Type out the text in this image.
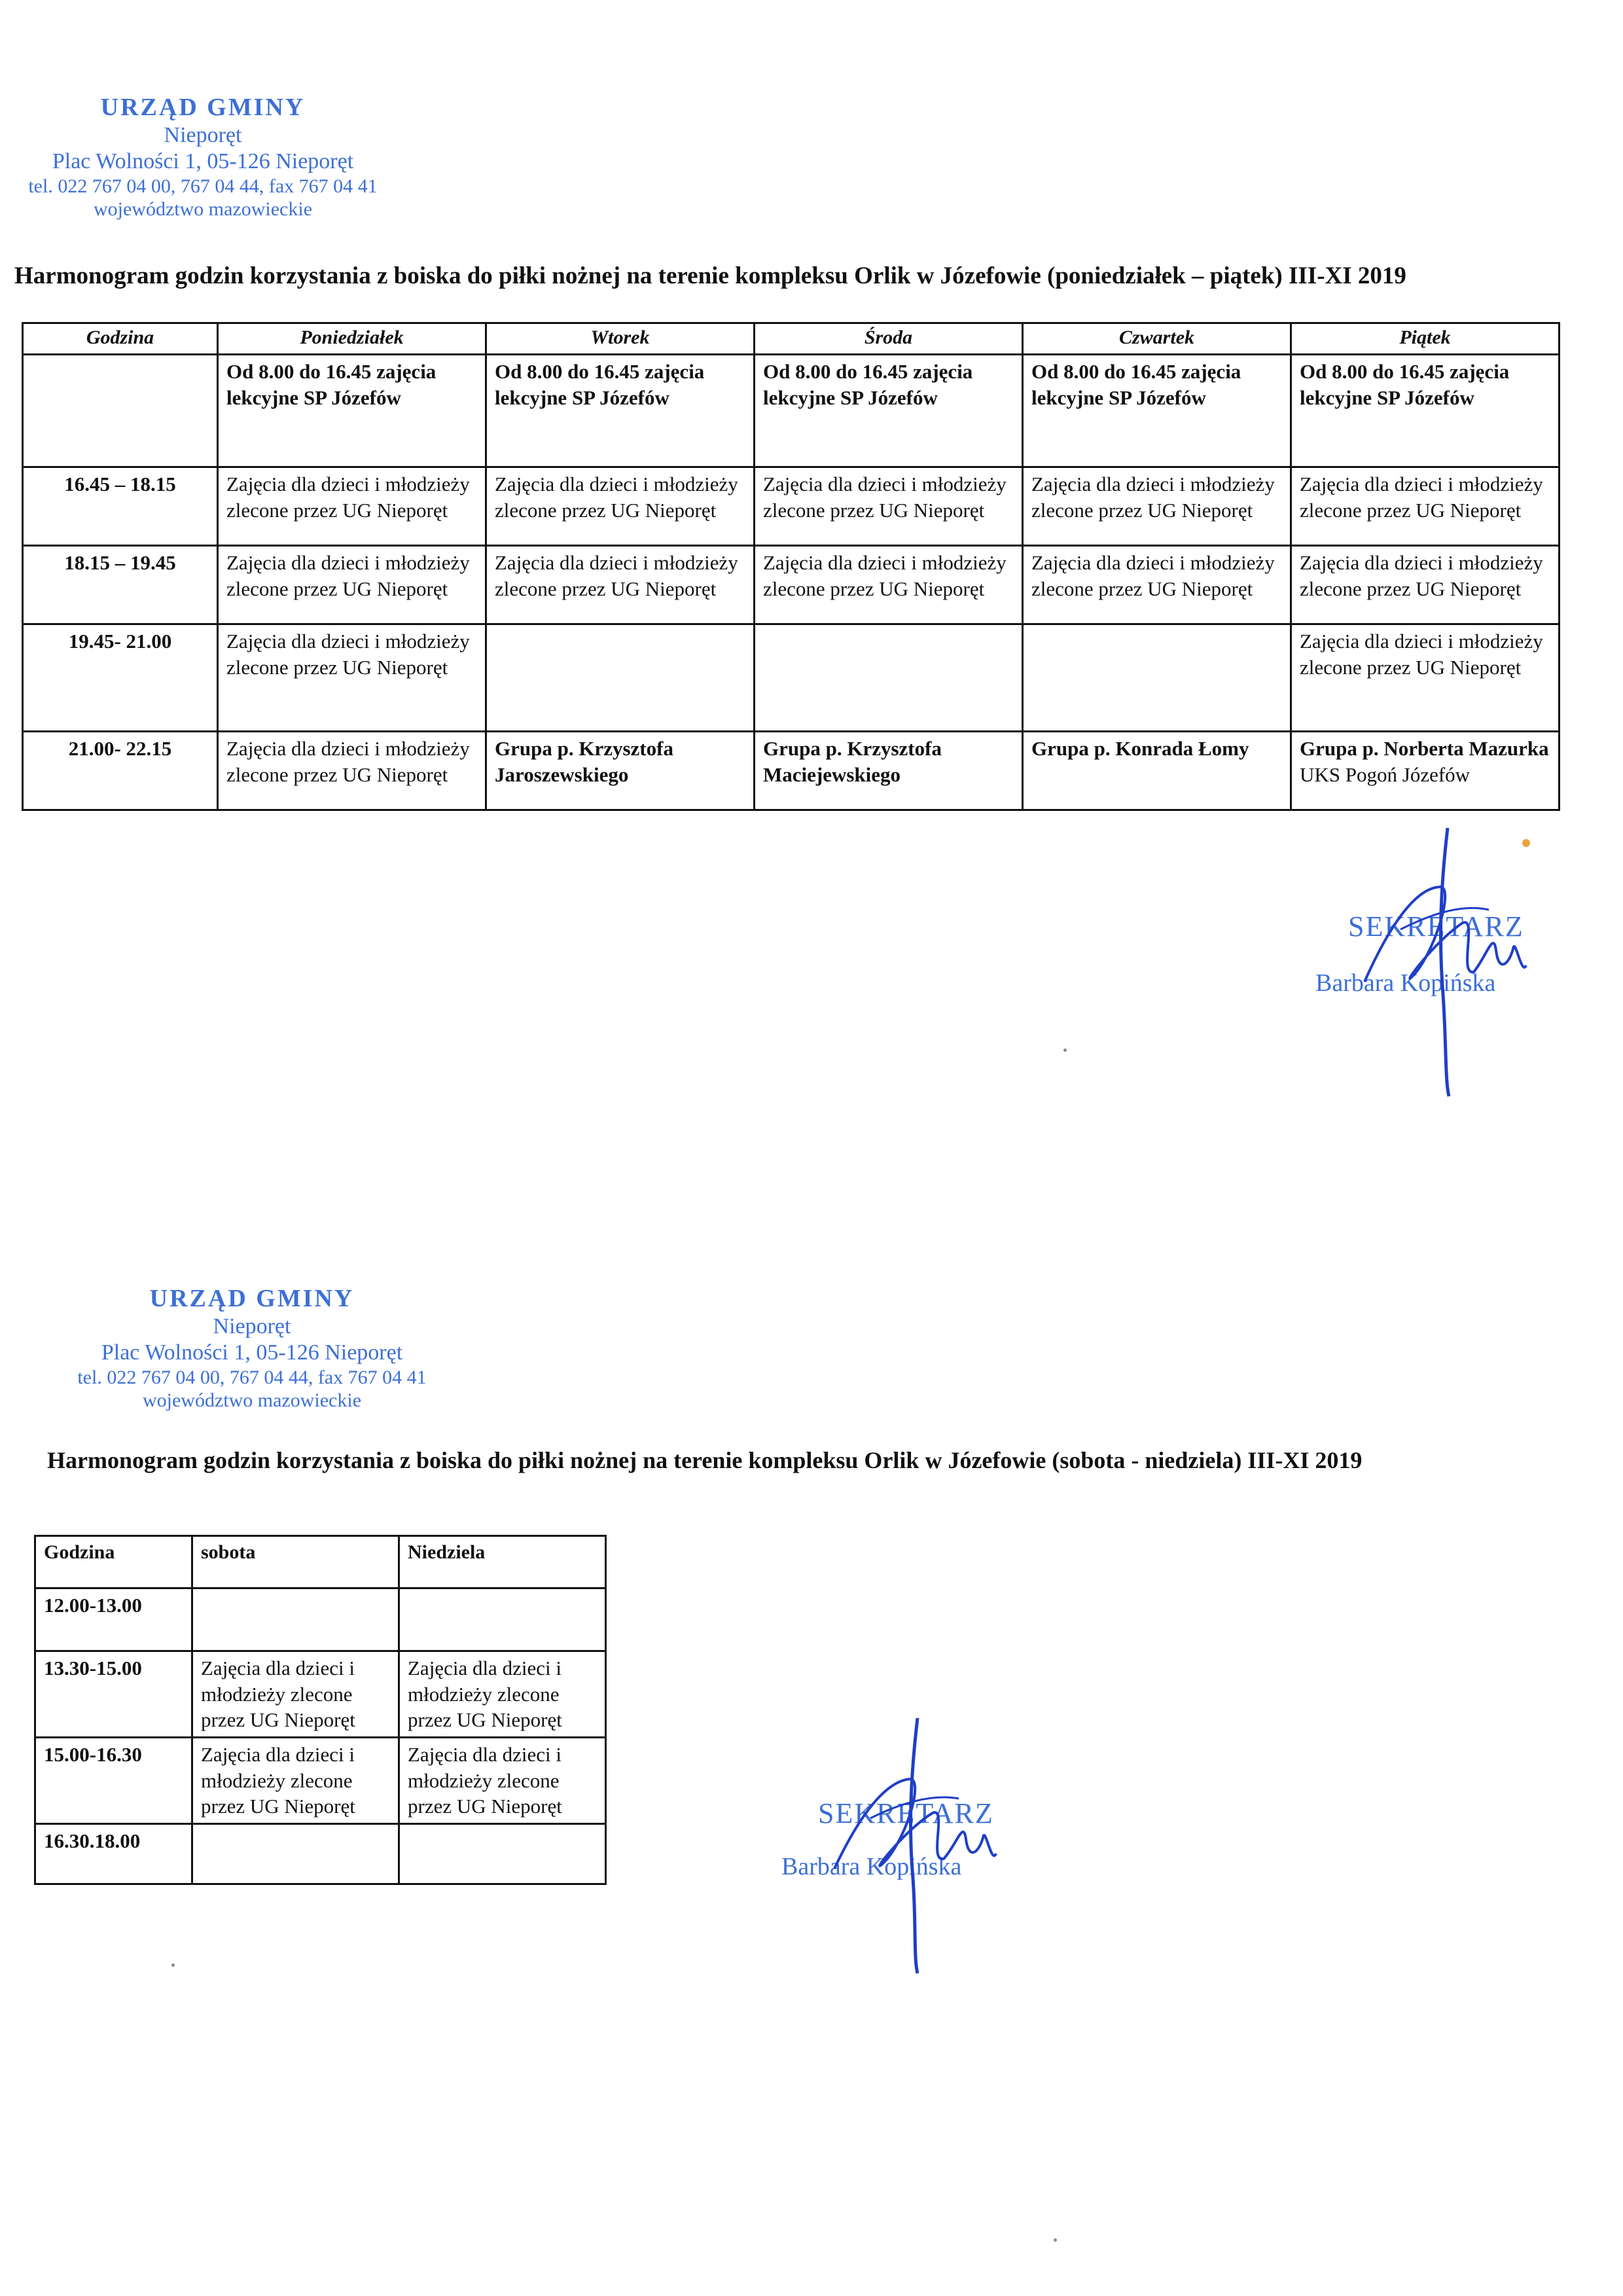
URZĄD GMINY
Nieporęt
Plac Wolności 1, 05-126 Nieporęt
tel. 022 767 04 00, 767 04 44, fax 767 04 41
województwo mazowieckie
Harmonogram godzin korzystania z boiska do piłki nożnej na terenie kompleksu Orlik w Józefowie (poniedziałek – piątek) III-XI 2019
Godzina	Poniedziałek	Wtorek	Środa	Czwartek	Piątek
	Od 8.00 do 16.45 zajęcia lekcyjne SP Józefów	Od 8.00 do 16.45 zajęcia lekcyjne SP Józefów	Od 8.00 do 16.45 zajęcia lekcyjne SP Józefów	Od 8.00 do 16.45 zajęcia lekcyjne SP Józefów	Od 8.00 do 16.45 zajęcia lekcyjne SP Józefów
16.45 – 18.15	Zajęcia dla dzieci i młodzieży zlecone przez UG Nieporęt	Zajęcia dla dzieci i młodzieży zlecone przez UG Nieporęt	Zajęcia dla dzieci i młodzieży zlecone przez UG Nieporęt	Zajęcia dla dzieci i młodzieży zlecone przez UG Nieporęt	Zajęcia dla dzieci i młodzieży zlecone przez UG Nieporęt
18.15 – 19.45	Zajęcia dla dzieci i młodzieży zlecone przez UG Nieporęt	Zajęcia dla dzieci i młodzieży zlecone przez UG Nieporęt	Zajęcia dla dzieci i młodzieży zlecone przez UG Nieporęt	Zajęcia dla dzieci i młodzieży zlecone przez UG Nieporęt	Zajęcia dla dzieci i młodzieży zlecone przez UG Nieporęt
19.45- 21.00	Zajęcia dla dzieci i młodzieży zlecone przez UG Nieporęt				Zajęcia dla dzieci i młodzieży zlecone przez UG Nieporęt
21.00- 22.15	Zajęcia dla dzieci i młodzieży zlecone przez UG Nieporęt	Grupa p. Krzysztofa Jaroszewskiego	Grupa p. Krzysztofa Maciejewskiego	Grupa p. Konrada Łomy	Grupa p. Norberta Mazurka
UKS Pogoń Józefów
SEKRETARZ
Barbara Kopińska
URZĄD GMINY
Nieporęt
Plac Wolności 1, 05-126 Nieporęt
tel. 022 767 04 00, 767 04 44, fax 767 04 41
województwo mazowieckie
Harmonogram godzin korzystania z boiska do piłki nożnej na terenie kompleksu Orlik w Józefowie (sobota - niedziela) III-XI 2019
Godzina	sobota	Niedziela
12.00-13.00		
13.30-15.00	Zajęcia dla dzieci i młodzieży zlecone przez UG Nieporęt	Zajęcia dla dzieci i młodzieży zlecone przez UG Nieporęt
15.00-16.30	Zajęcia dla dzieci i młodzieży zlecone przez UG Nieporęt	Zajęcia dla dzieci i młodzieży zlecone przez UG Nieporęt
16.30.18.00		
SEKRETARZ
Barbara Kopińska
